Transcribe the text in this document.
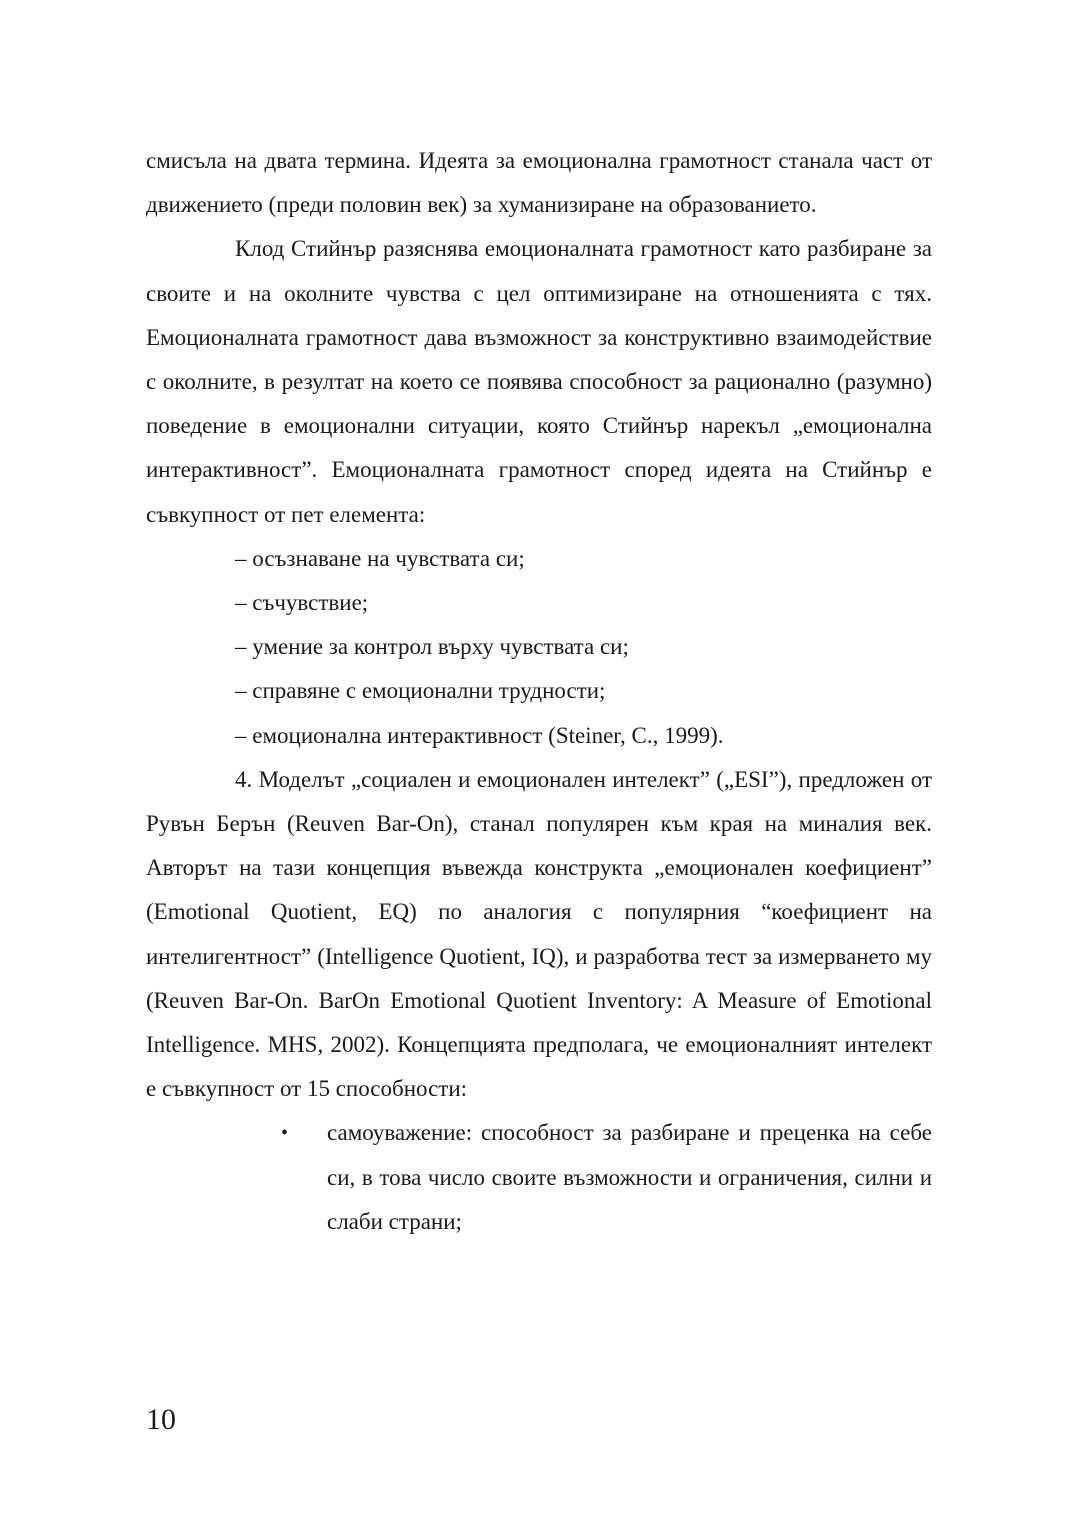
смисъла на двата термина. Идеята за емоционална грамотност станала част от движението (преди половин век) за хуманизиране на образованието.

Клод Стийнър разяснява емоционалната грамотност като разбиране за своите и на околните чувства с цел оптимизиране на отношенията с тях. Емоционалната грамотност дава възможност за конструктивно взаимодействие с околните, в резултат на което се появява способност за рационално (разумно) поведение в емоционални ситуации, която Стийнър нарекъл „емоционална интерактивност”. Емоционалната грамотност според идеята на Стийнър е съвкупност от пет елемента:

– осъзнаване на чувствата си;
– съчувствие;
– умение за контрол върху чувствата си;
– справяне с емоционални трудности;
– емоционална интерактивност (Steiner, C., 1999).

4. Моделът „социален и емоционален интелект” („ESI”), предложен от Рувън Берън (Reuven Bar-On), станал популярен към края на миналия век. Авторът на тази концепция въвежда конструкта „емоционален коефициент” (Emotional Quotient, EQ) по аналогия с популярния “коефициент на интелигентност” (Intelligence Quotient, IQ), и разработва тест за измерването му (Reuven Bar-On. BarOn Emotional Quotient Inventory: A Measure of Emotional Intelligence. MHS, 2002). Концепцията предполага, че емоционалният интелект е съвкупност от 15 способности:

• самоуважение: способност за разбиране и преценка на себе си, в това число своите възможности и ограничения, силни и слаби страни;
10
